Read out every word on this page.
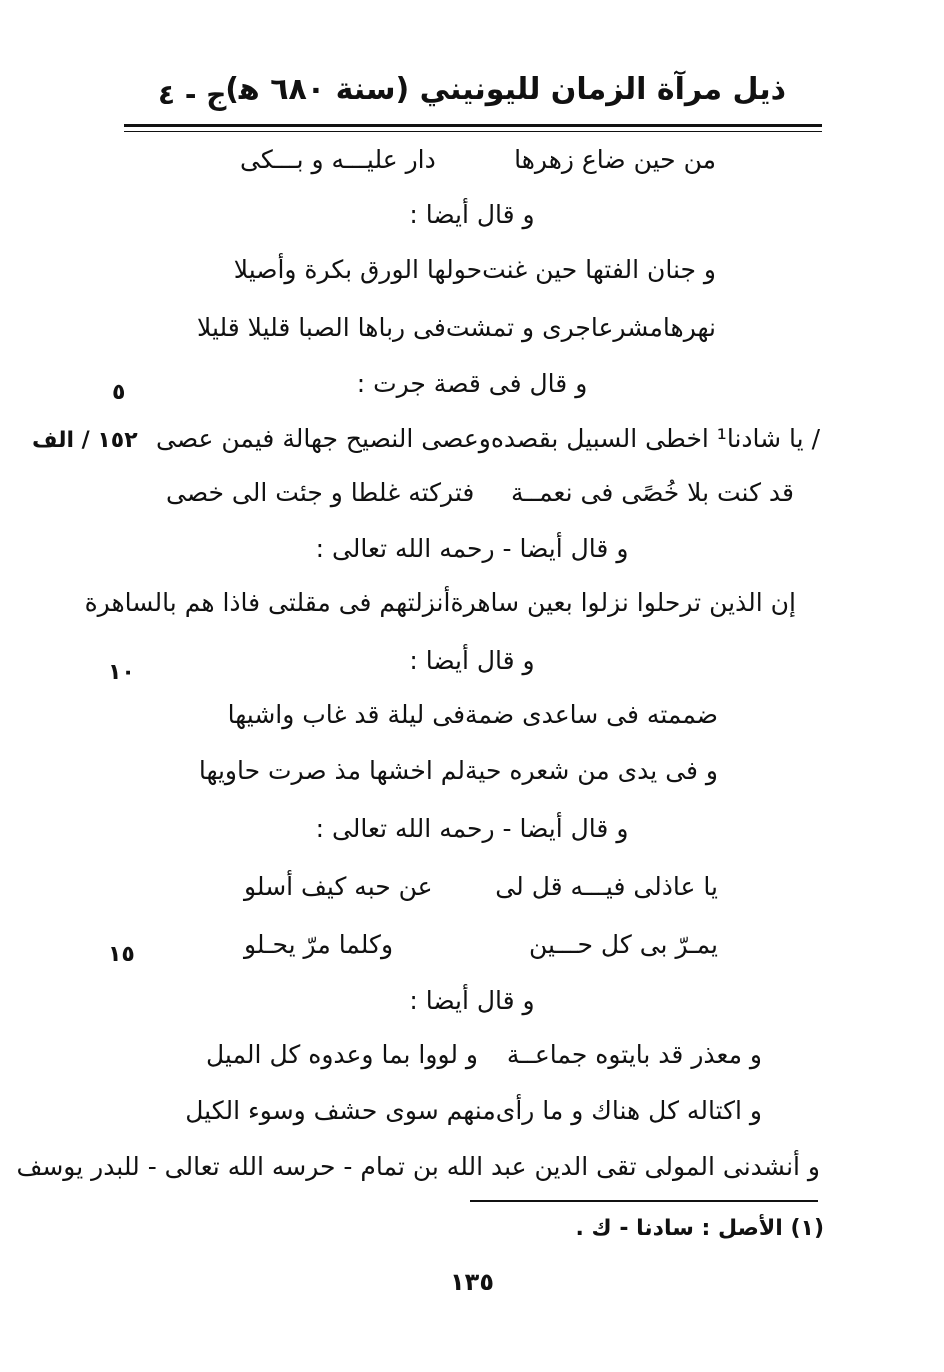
ذيل مرآة الزمان لليونيني (سنة ٦٨٠ ﻫ)
ج - ٤
من حين ضاع زهرها
دار عليـــه و بـــكى
و قال أيضا :
و جنان الفتها حين غنت
حولها الورق بكرة وأصيلا
نهرهامشرعاجرى و تمشت
فى رباها الصبا قليلا قليلا
و قال فى قصة جرت :
٥
/ يا شادنا¹ اخطى السبيل بقصده
وعصى النصيح جهالة فيمن عصى
١٥٢ / الف
قد كنت بلا خُصًى فى نعمــة
فتركته غلطا و جئت الى خصى
و قال أيضا - رحمه الله تعالى :
إن الذين ترحلوا نزلوا بعين ساهرة
أنزلتهم فى مقلتى فاذا هم بالساهرة
و قال أيضا :
١٠
ضممته فى ساعدى ضمة
فى ليلة قد غاب واشيها
و فى يدى من شعره حية
لم اخشها مذ صرت حاويها
و قال أيضا - رحمه الله تعالى :
يا عاذلى فيـــه قل لى
عن حبه كيف أسلو
يمـرّ بى كل حـــين
وكلما مرّ يحـلو
١٥
و قال أيضا :
و معذر قد بايتوه جماعــة
و لووا بما وعدوه كل الميل
و اكتاله كل هناك و ما رأى
منهم سوى حشف وسوء الكيل
و أنشدنى المولى تقى الدين عبد الله بن تمام - حرسه الله تعالى - للبدر يوسف
(١) الأصل : سادنا - ك .
١٣٥
